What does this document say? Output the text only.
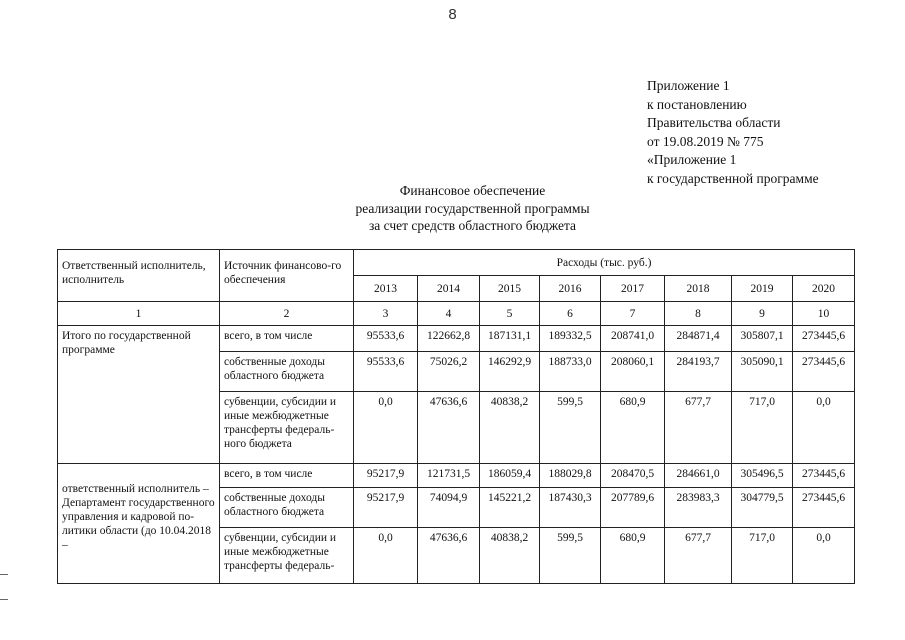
8
Приложение 1
к постановлению
Правительства области
от 19.08.2019 № 775
«Приложение 1
к государственной программе
Финансовое обеспечение
реализации государственной программы
за счет средств областного бюджета
Ответственный исполнитель, исполнитель	Источник финансово-го обеспечения	Расходы (тыс. руб.)							
		2013	2014	2015	2016	2017	2018	2019	2020
1	2	3	4	5	6	7	8	9	10
Итого по государственной программе	всего, в том числе	95533,6	122662,8	187131,1	189332,5	208741,0	284871,4	305807,1	273445,6
	собственные доходы областного бюджета	95533,6	75026,2	146292,9	188733,0	208060,1	284193,7	305090,1	273445,6
	субвенции, субсидии и иные межбюджетные трансферты федераль-ного бюджета	0,0	47636,6	40838,2	599,5	680,9	677,7	717,0	0,0
ответственный исполнитель – Департамент государственного управления и кадровой по-литики области (до 10.04.2018 –	всего, в том числе	95217,9	121731,5	186059,4	188029,8	208470,5	284661,0	305496,5	273445,6
	собственные доходы областного бюджета	95217,9	74094,9	145221,2	187430,3	207789,6	283983,3	304779,5	273445,6
	субвенции, субсидии и иные межбюджетные трансферты федераль-	0,0	47636,6	40838,2	599,5	680,9	677,7	717,0	0,0
